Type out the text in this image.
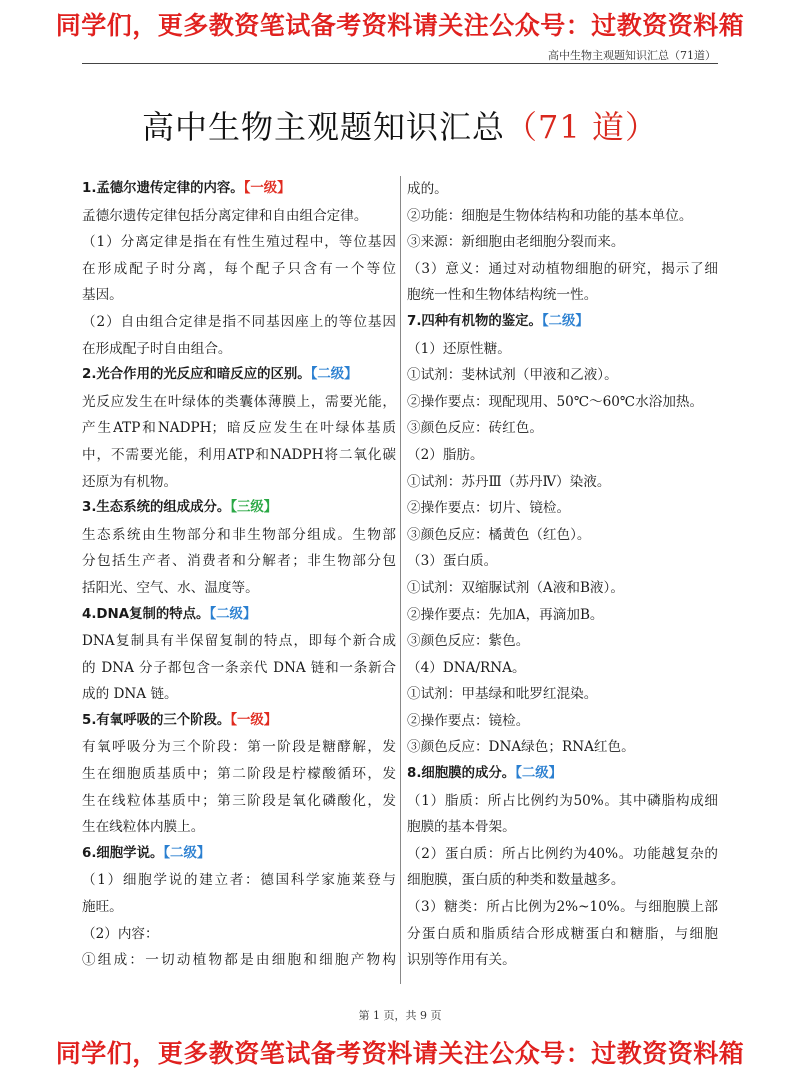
同学们，更多教资笔试备考资料请关注公众号：过教资资料箱
高中生物主观题知识汇总（71道）
高中生物主观题知识汇总（71 道）
1.孟德尔遗传定律的内容。【一级】
孟德尔遗传定律包括分离定律和自由组合定律。
（1）分离定律是指在有性生殖过程中，等位基因
在形成配子时分离，每个配子只含有一个等位
基因。
（2）自由组合定律是指不同基因座上的等位基因
在形成配子时自由组合。
2.光合作用的光反应和暗反应的区别。【二级】
光反应发生在叶绿体的类囊体薄膜上，需要光能，
产生ATP和NADPH；暗反应发生在叶绿体基质
中，不需要光能，利用ATP和NADPH将二氧化碳
还原为有机物。
3.生态系统的组成成分。【三级】
生态系统由生物部分和非生物部分组成。生物部
分包括生产者、消费者和分解者；非生物部分包
括阳光、空气、水、温度等。
4.DNA复制的特点。【二级】
DNA复制具有半保留复制的特点，即每个新合成
的 DNA 分子都包含一条亲代 DNA 链和一条新合
成的 DNA 链。
5.有氧呼吸的三个阶段。【一级】
有氧呼吸分为三个阶段：第一阶段是糖酵解，发
生在细胞质基质中；第二阶段是柠檬酸循环，发
生在线粒体基质中；第三阶段是氧化磷酸化，发
生在线粒体内膜上。
6.细胞学说。【二级】
（1）细胞学说的建立者：德国科学家施莱登与
施旺。
（2）内容：
①组成：一切动植物都是由细胞和细胞产物构
成的。
②功能：细胞是生物体结构和功能的基本单位。
③来源：新细胞由老细胞分裂而来。
（3）意义：通过对动植物细胞的研究，揭示了细
胞统一性和生物体结构统一性。
7.四种有机物的鉴定。【二级】
（1）还原性糖。
①试剂：斐林试剂（甲液和乙液）。
②操作要点：现配现用、50℃～60℃水浴加热。
③颜色反应：砖红色。
（2）脂肪。
①试剂：苏丹Ⅲ（苏丹Ⅳ）染液。
②操作要点：切片、镜检。
③颜色反应：橘黄色（红色）。
（3）蛋白质。
①试剂：双缩脲试剂（A液和B液）。
②操作要点：先加A，再滴加B。
③颜色反应：紫色。
（4）DNA/RNA。
①试剂：甲基绿和吡罗红混染。
②操作要点：镜检。
③颜色反应：DNA绿色；RNA红色。
8.细胞膜的成分。【二级】
（1）脂质：所占比例约为50%。其中磷脂构成细
胞膜的基本骨架。
（2）蛋白质：所占比例约为40%。功能越复杂的
细胞膜，蛋白质的种类和数量越多。
（3）糖类：所占比例为2%~10%。与细胞膜上部
分蛋白质和脂质结合形成糖蛋白和糖脂，与细胞
识别等作用有关。
第 1 页，共 9 页
同学们，更多教资笔试备考资料请关注公众号：过教资资料箱
